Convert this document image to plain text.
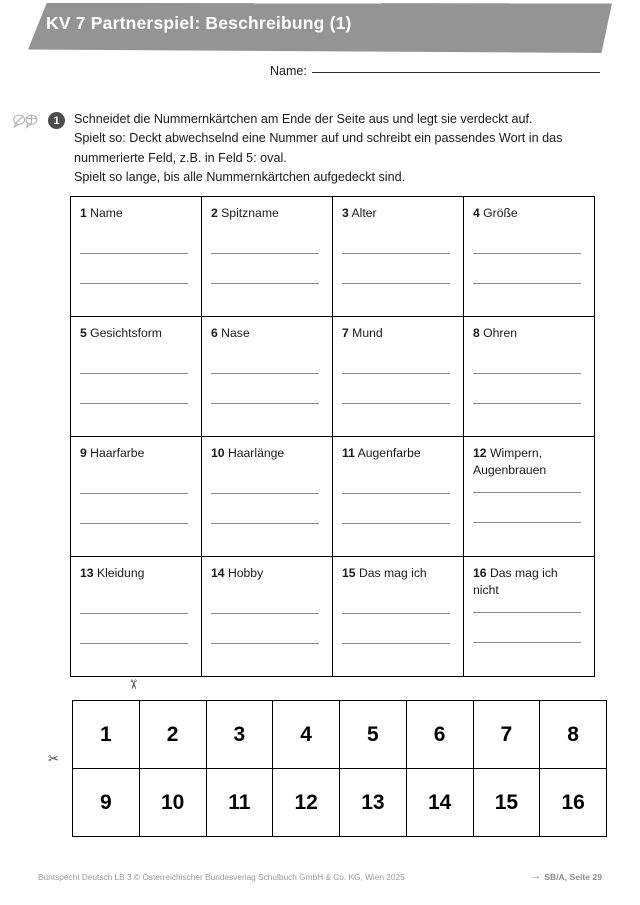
KV 7 Partnerspiel: Beschreibung (1)
Name:
1	Schneidet die Nummernkärtchen am Ende der Seite aus und legt sie verdeckt auf.
Spielt so: Deckt abwechselnd eine Nummer auf und schreibt ein passendes Wort in das
nummerierte Feld, z.B. in Feld 5: oval.
Spielt so lange, bis alle Nummernkärtchen aufgedeckt sind.
1 Name	2 Spitzname	3 Alter	4 Größe

5 Gesichtsform	6 Nase	7 Mund	8 Ohren

9 Haarfarbe	10 Haarlänge	11 Augenfarbe	12 Wimpern, Augenbrauen

13 Kleidung	14 Hobby	15 Das mag ich	16 Das mag ich nicht
✂
✂
1	2	3	4	5	6	7	8
9	10	11	12	13	14	15	16
Buntspecht Deutsch LB 3 © Österreichischer Bundesverlag Schulbuch GmbH & Co. KG, Wien 2025	→ SB/A, Seite 29
